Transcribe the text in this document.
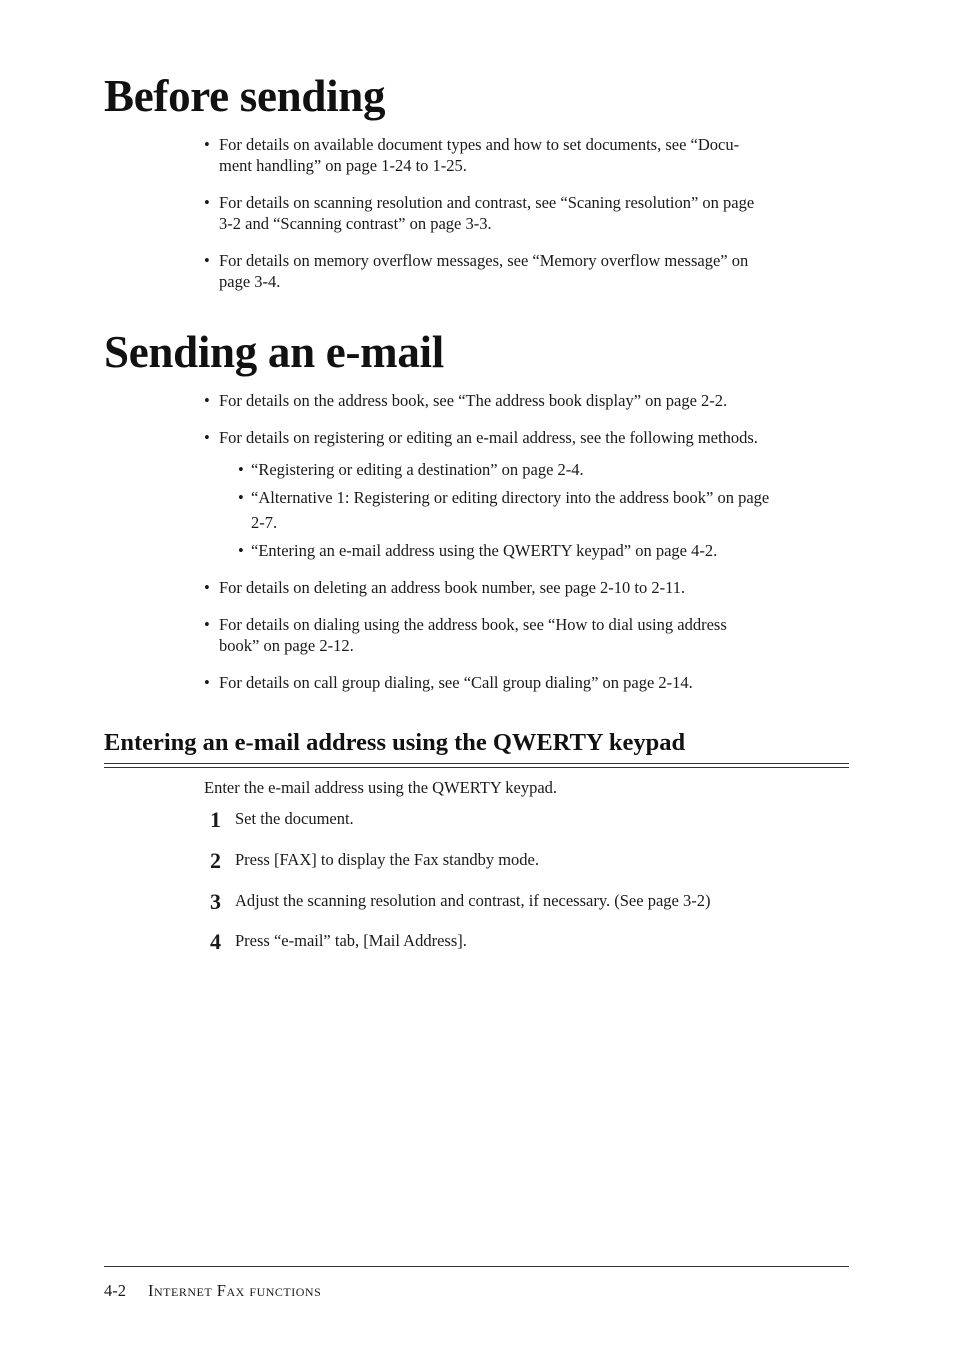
Before sending
• For details on available document types and how to set documents, see “Docu-
ment handling” on page 1-24 to 1-25.
• For details on scanning resolution and contrast, see “Scaning resolution” on page
3-2 and “Scanning contrast” on page 3-3.
• For details on memory overflow messages, see “Memory overflow message” on
page 3-4.
Sending an e-mail
• For details on the address book, see “The address book display” on page 2-2.
• For details on registering or editing an e-mail address, see the following methods.
• “Registering or editing a destination” on page 2-4.
• “Alternative 1: Registering or editing directory into the address book” on page
2-7.
• “Entering an e-mail address using the QWERTY keypad” on page 4-2.
• For details on deleting an address book number, see page 2-10 to 2-11.
• For details on dialing using the address book, see “How to dial using address
book” on page 2-12.
• For details on call group dialing, see “Call group dialing” on page 2-14.
Entering an e-mail address using the QWERTY keypad

Enter the e-mail address using the QWERTY keypad.

1 Set the document.
2 Press [FAX] to display the Fax standby mode.
3 Adjust the scanning resolution and contrast, if necessary. (See page 3-2)
4 Press “e-mail” tab, [Mail Address].
4-2 Internet Fax functions
